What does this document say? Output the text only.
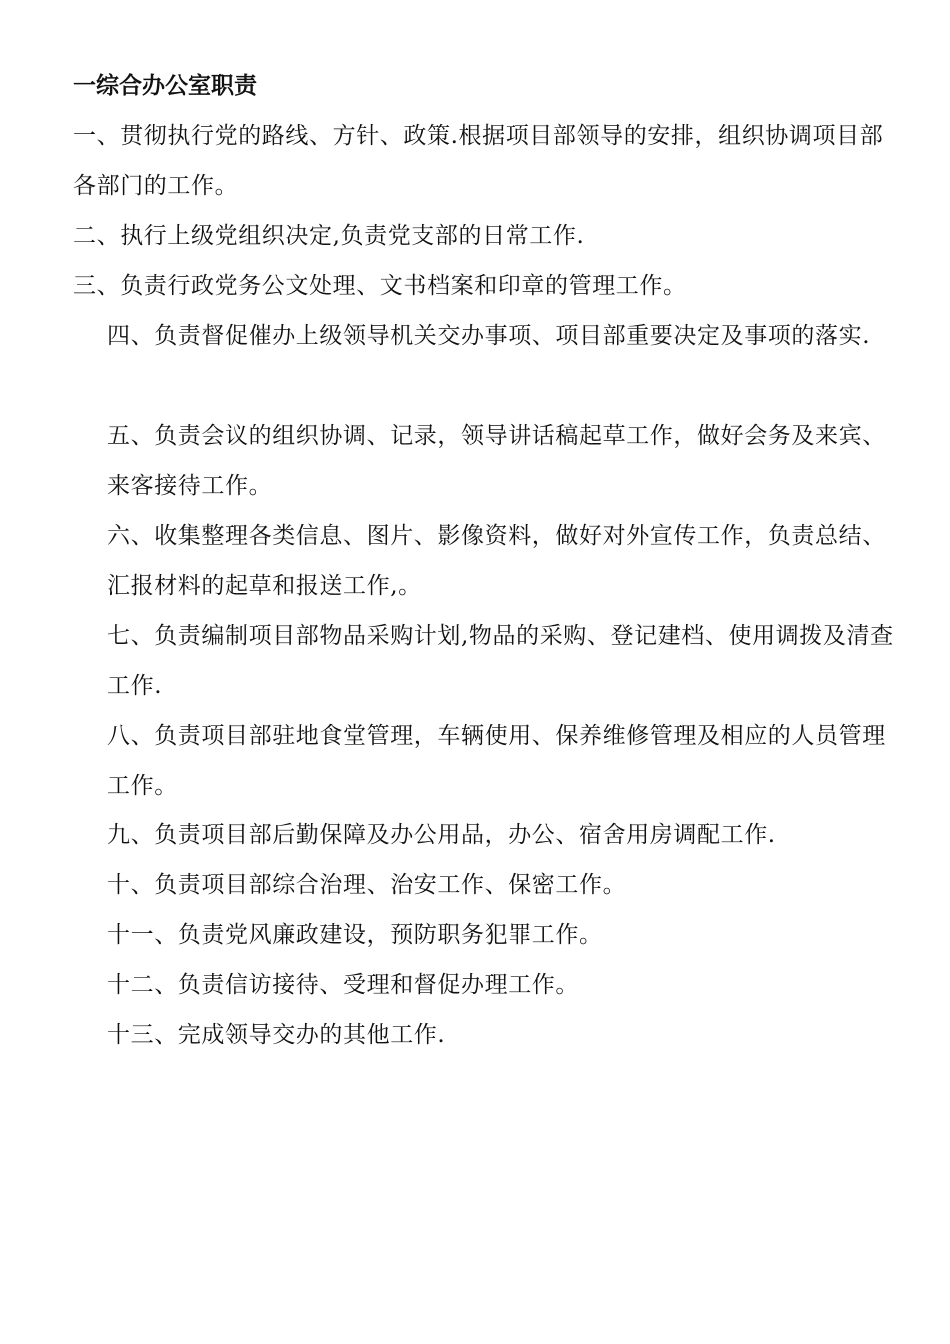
一综合办公室职责

一、贯彻执行党的路线、方针、政策.根据项目部领导的安排，组织协调项目部各部门的工作。

二、执行上级党组织决定,负责党支部的日常工作.

三、负责行政党务公文处理、文书档案和印章的管理工作。

四、负责督促催办上级领导机关交办事项、项目部重要决定及事项的落实.

五、负责会议的组织协调、记录，领导讲话稿起草工作，做好会务及来宾、来客接待工作。

六、收集整理各类信息、图片、影像资料，做好对外宣传工作，负责总结、汇报材料的起草和报送工作,。

七、负责编制项目部物品采购计划,物品的采购、登记建档、使用调拨及清查工作.

八、负责项目部驻地食堂管理，车辆使用、保养维修管理及相应的人员管理工作。

九、负责项目部后勤保障及办公用品，办公、宿舍用房调配工作.

十、负责项目部综合治理、治安工作、保密工作。

十一、负责党风廉政建设，预防职务犯罪工作。

十二、负责信访接待、受理和督促办理工作。

十三、完成领导交办的其他工作.
